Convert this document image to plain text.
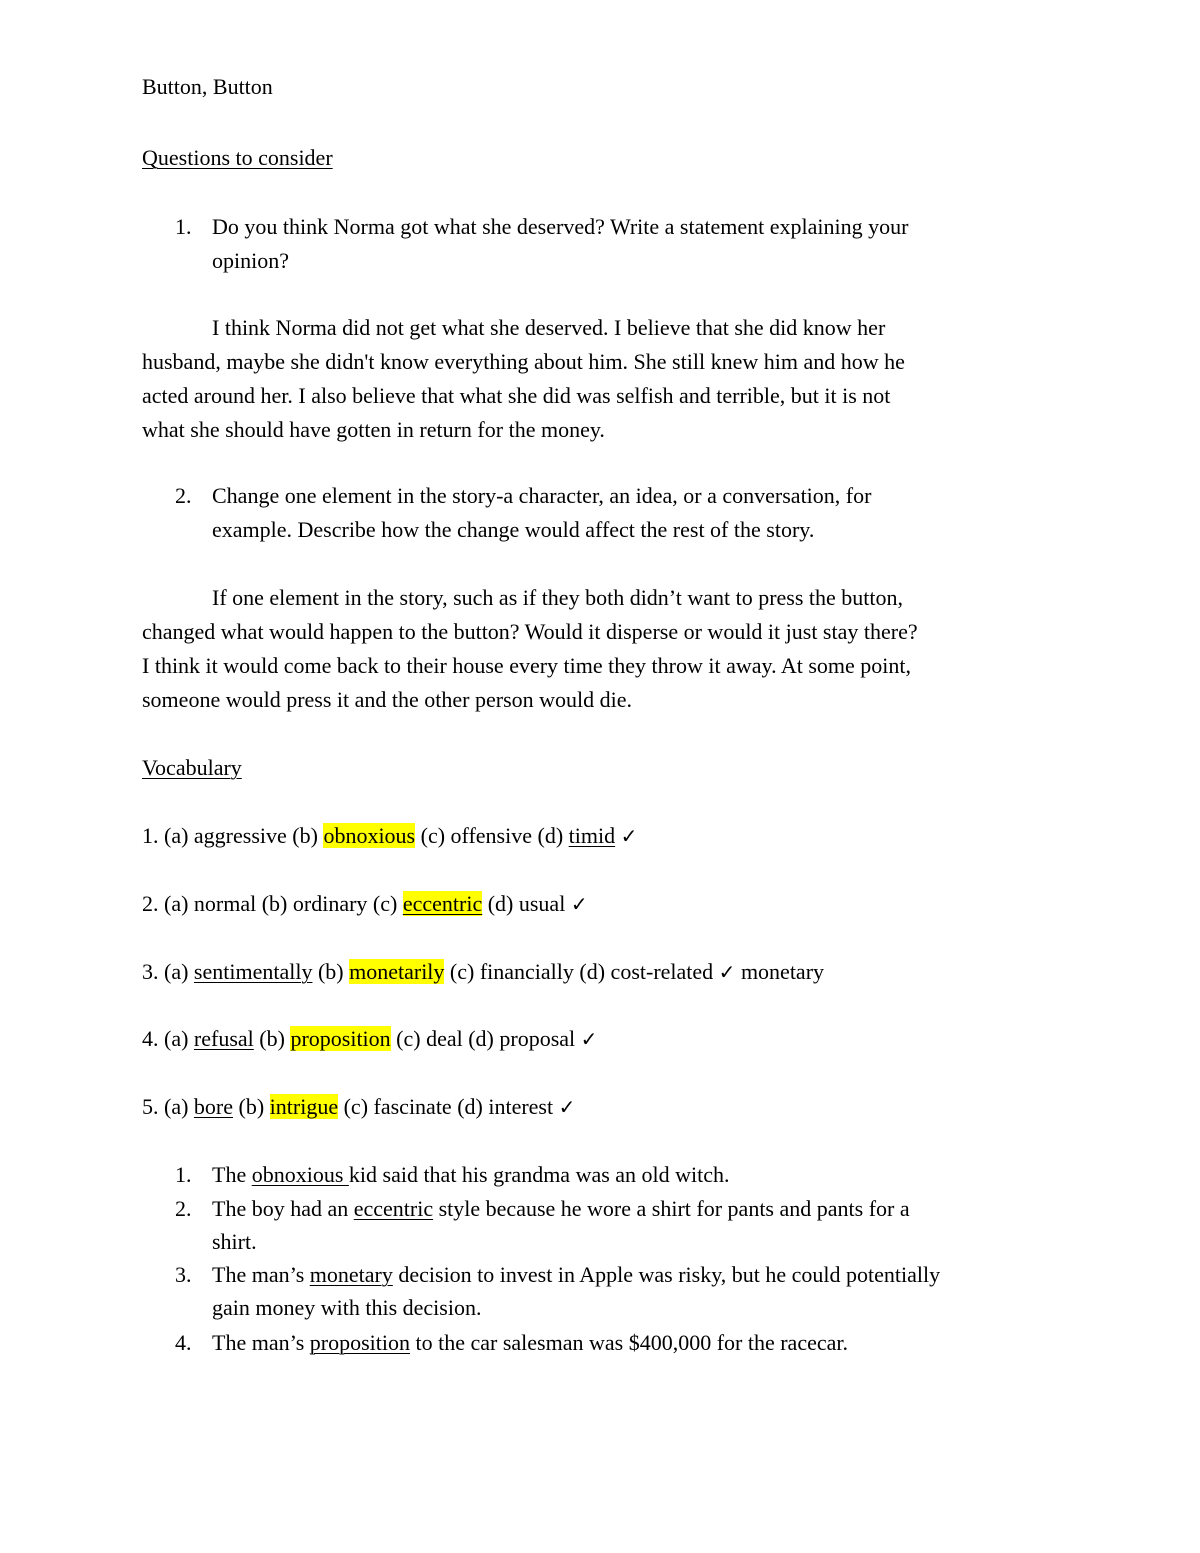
Button, Button
Questions to consider
1. Do you think Norma got what she deserved? Write a statement explaining your
opinion?
I think Norma did not get what she deserved. I believe that she did know her
husband, maybe she didn't know everything about him. She still knew him and how he
acted around her. I also believe that what she did was selfish and terrible, but it is not
what she should have gotten in return for the money.
2. Change one element in the story-a character, an idea, or a conversation, for
example. Describe how the change would affect the rest of the story.
If one element in the story, such as if they both didn’t want to press the button,
changed what would happen to the button? Would it disperse or would it just stay there?
I think it would come back to their house every time they throw it away. At some point,
someone would press it and the other person would die.
Vocabulary
1. (a) aggressive (b) obnoxious (c) offensive (d) timid ✓
2. (a) normal (b) ordinary (c) eccentric (d) usual ✓
3. (a) sentimentally (b) monetarily (c) financially (d) cost-related ✓ monetary
4. (a) refusal (b) proposition (c) deal (d) proposal ✓
5. (a) bore (b) intrigue (c) fascinate (d) interest ✓
1. The obnoxious kid said that his grandma was an old witch.
2. The boy had an eccentric style because he wore a shirt for pants and pants for a
shirt.
3. The man’s monetary decision to invest in Apple was risky, but he could potentially
gain money with this decision.
4. The man’s proposition to the car salesman was $400,000 for the racecar.
